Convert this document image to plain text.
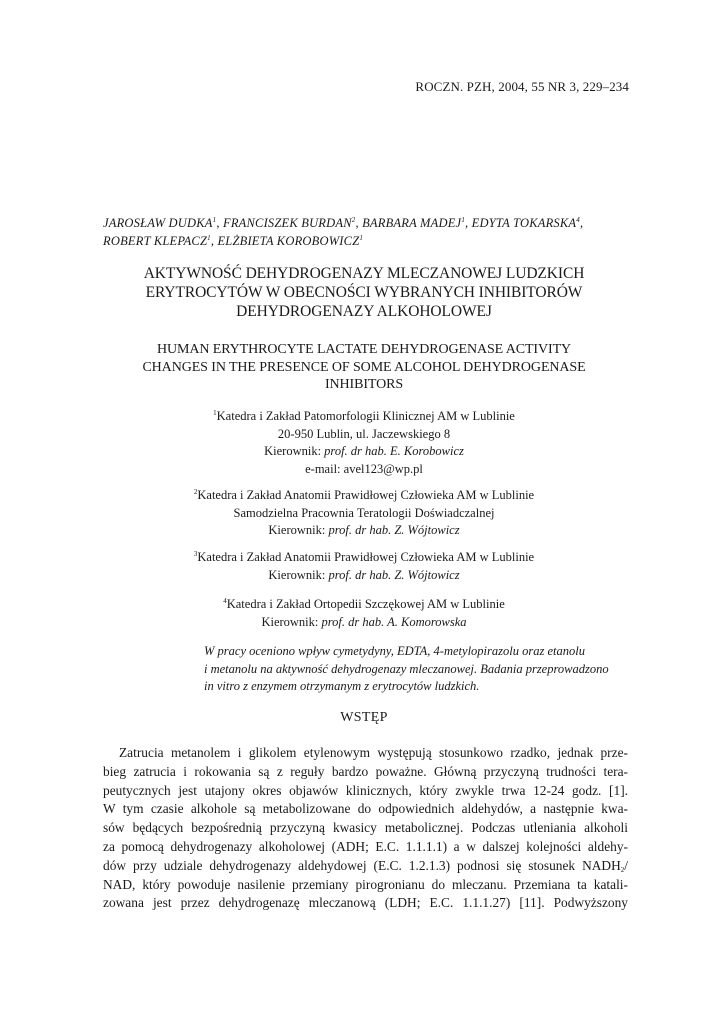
ROCZN. PZH, 2004, 55 NR 3, 229–234
JAROSŁAW DUDKA$^1$, FRANCISZEK BURDAN$^2$, BARBARA MADEJ$^1$, EDYTA TOKARSKA$^4$,
ROBERT KLEPACZ$^1$, ELŻBIETA KOROBOWICZ$^1$
AKTYWNOŚĆ DEHYDROGENAZY MLECZANOWEJ LUDZKICH
ERYTROCYTÓW W OBECNOŚCI WYBRANYCH INHIBITORÓW
DEHYDROGENAZY ALKOHOLOWEJ
HUMAN ERYTHROCYTE LACTATE DEHYDROGENASE ACTIVITY
CHANGES IN THE PRESENCE OF SOME ALCOHOL DEHYDROGENASE
INHIBITORS
$^1$Katedra i Zakład Patomorfologii Klinicznej AM w Lublinie
20-950 Lublin, ul. Jaczewskiego 8
Kierownik: prof. dr hab. E. Korobowicz
e-mail: avel123@wp.pl
$^2$Katedra i Zakład Anatomii Prawidłowej Człowieka AM w Lublinie
Samodzielna Pracownia Teratologii Doświadczalnej
Kierownik: prof. dr hab. Z. Wójtowicz
$^3$Katedra i Zakład Anatomii Prawidłowej Człowieka AM w Lublinie
Kierownik: prof. dr hab. Z. Wójtowicz
$^4$Katedra i Zakład Ortopedii Szczękowej AM w Lublinie
Kierownik: prof. dr hab. A. Komorowska
W pracy oceniono wpływ cymetydyny, EDTA, 4-metylopirazolu oraz etanolu
i metanolu na aktywność dehydrogenazy mleczanowej. Badania przeprowadzono
in vitro z enzymem otrzymanym z erytrocytów ludzkich.
WSTĘP
Zatrucia metanolem i glikolem etylenowym występują stosunkowo rzadko, jednak prze-
bieg zatrucia i rokowania są z reguły bardzo poważne. Główną przyczyną trudności tera-
peutycznych jest utajony okres objawów klinicznych, który zwykle trwa 12-24 godz. [1].
W tym czasie alkohole są metabolizowane do odpowiednich aldehydów, a następnie kwa-
sów będących bezpośrednią przyczyną kwasicy metabolicznej. Podczas utleniania alkoholi
za pomocą dehydrogenazy alkoholowej (ADH; E.C. 1.1.1.1) a w dalszej kolejności aldehy-
dów przy udziale dehydrogenazy aldehydowej (E.C. 1.2.1.3) podnosi się stosunek $NADH_2/$
NAD, który powoduje nasilenie przemiany pirogronianu do mleczanu. Przemiana ta katali-
zowana jest przez dehydrogenazę mleczanową (LDH; E.C. 1.1.1.27) [11]. Podwyższony
